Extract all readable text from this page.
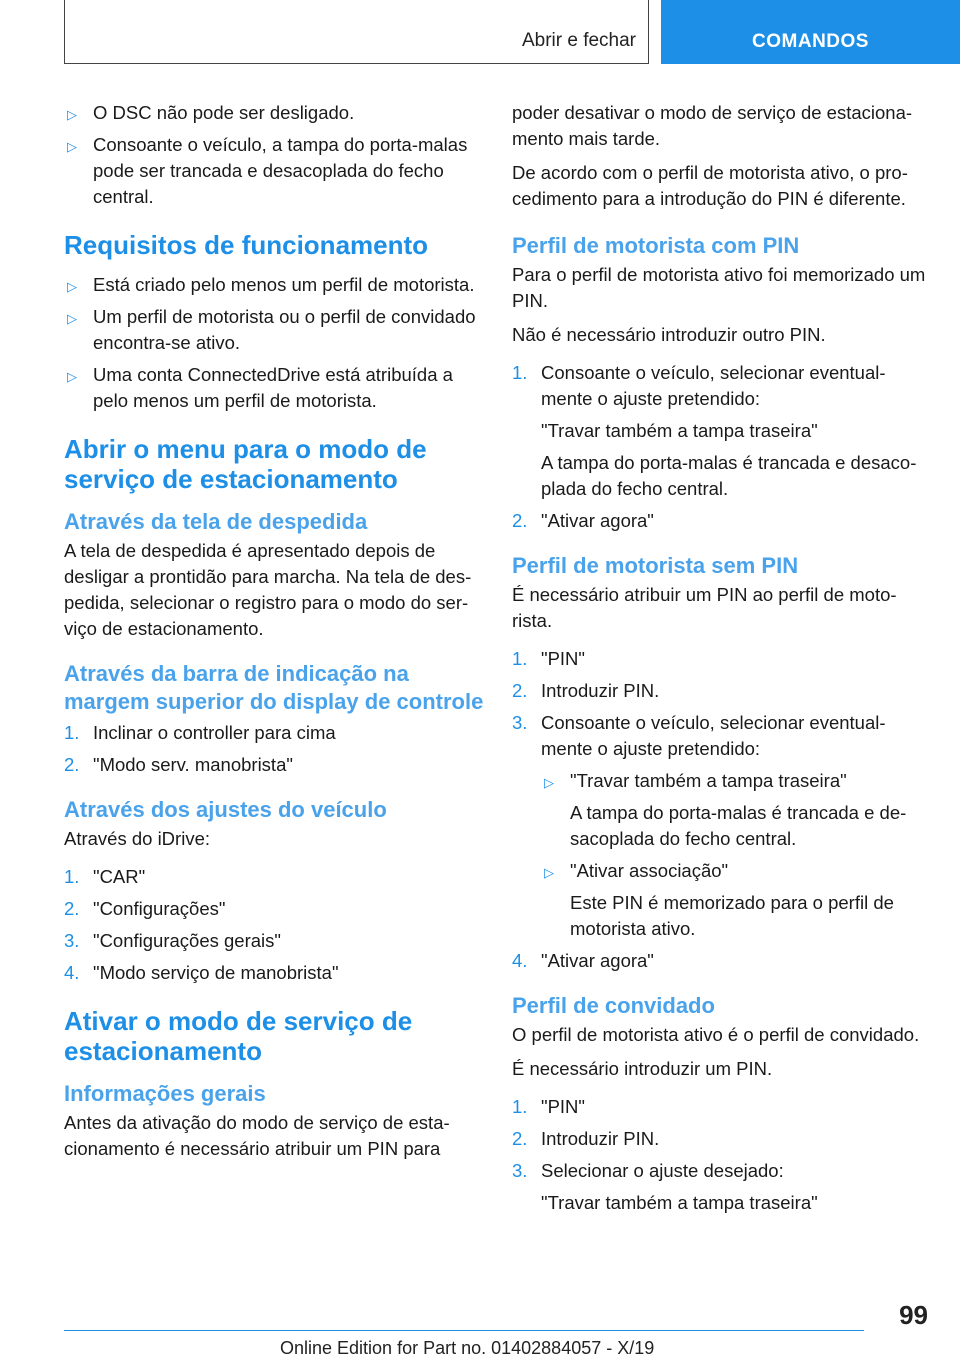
Abrir e fechar	COMANDOS
▷ O DSC não pode ser desligado.
▷ Consoante o veículo, a tampa do porta-malas pode ser trancada e desacoplada do fecho central.
Requisitos de funcionamento
▷ Está criado pelo menos um perfil de motorista.
▷ Um perfil de motorista ou o perfil de convidado encontra-se ativo.
▷ Uma conta ConnectedDrive está atribuída a pelo menos um perfil de motorista.
Abrir o menu para o modo de serviço de estacionamento
Através da tela de despedida

A tela de despedida é apresentado depois de desligar a prontidão para marcha. Na tela de despedida, selecionar o registro para o modo do serviço de estacionamento.

Através da barra de indicação na margem superior do display de controle
1. Inclinar o controller para cima
2. "Modo serv. manobrista"
Através dos ajustes do veículo

Através do iDrive:

1. "CAR"
2. "Configurações"
3. "Configurações gerais"
4. "Modo serviço de manobrista"
Ativar o modo de serviço de estacionamento
Informações gerais

Antes da ativação do modo de serviço de estacionamento é necessário atribuir um PIN para

poder desativar o modo de serviço de estacionamento mais tarde.

De acordo com o perfil de motorista ativo, o procedimento para a introdução do PIN é diferente.

Perfil de motorista com PIN

Para o perfil de motorista ativo foi memorizado um PIN.

Não é necessário introduzir outro PIN.

1. Consoante o veículo, selecionar eventualmente o ajuste pretendido:
"Travar também a tampa traseira"
A tampa do porta-malas é trancada e desacoplada do fecho central.
2. "Ativar agora"
Perfil de motorista sem PIN

É necessário atribuir um PIN ao perfil de motorista.

1. "PIN"
2. Introduzir PIN.
3. Consoante o veículo, selecionar eventualmente o ajuste pretendido:
▷ "Travar também a tampa traseira"
A tampa do porta-malas é trancada e desacoplada do fecho central.
▷ "Ativar associação"
Este PIN é memorizado para o perfil de motorista ativo.
4. "Ativar agora"
Perfil de convidado

O perfil de motorista ativo é o perfil de convidado.

É necessário introduzir um PIN.

1. "PIN"
2. Introduzir PIN.
3. Selecionar o ajuste desejado:
"Travar também a tampa traseira"
99
Online Edition for Part no. 01402884057 - X/19
